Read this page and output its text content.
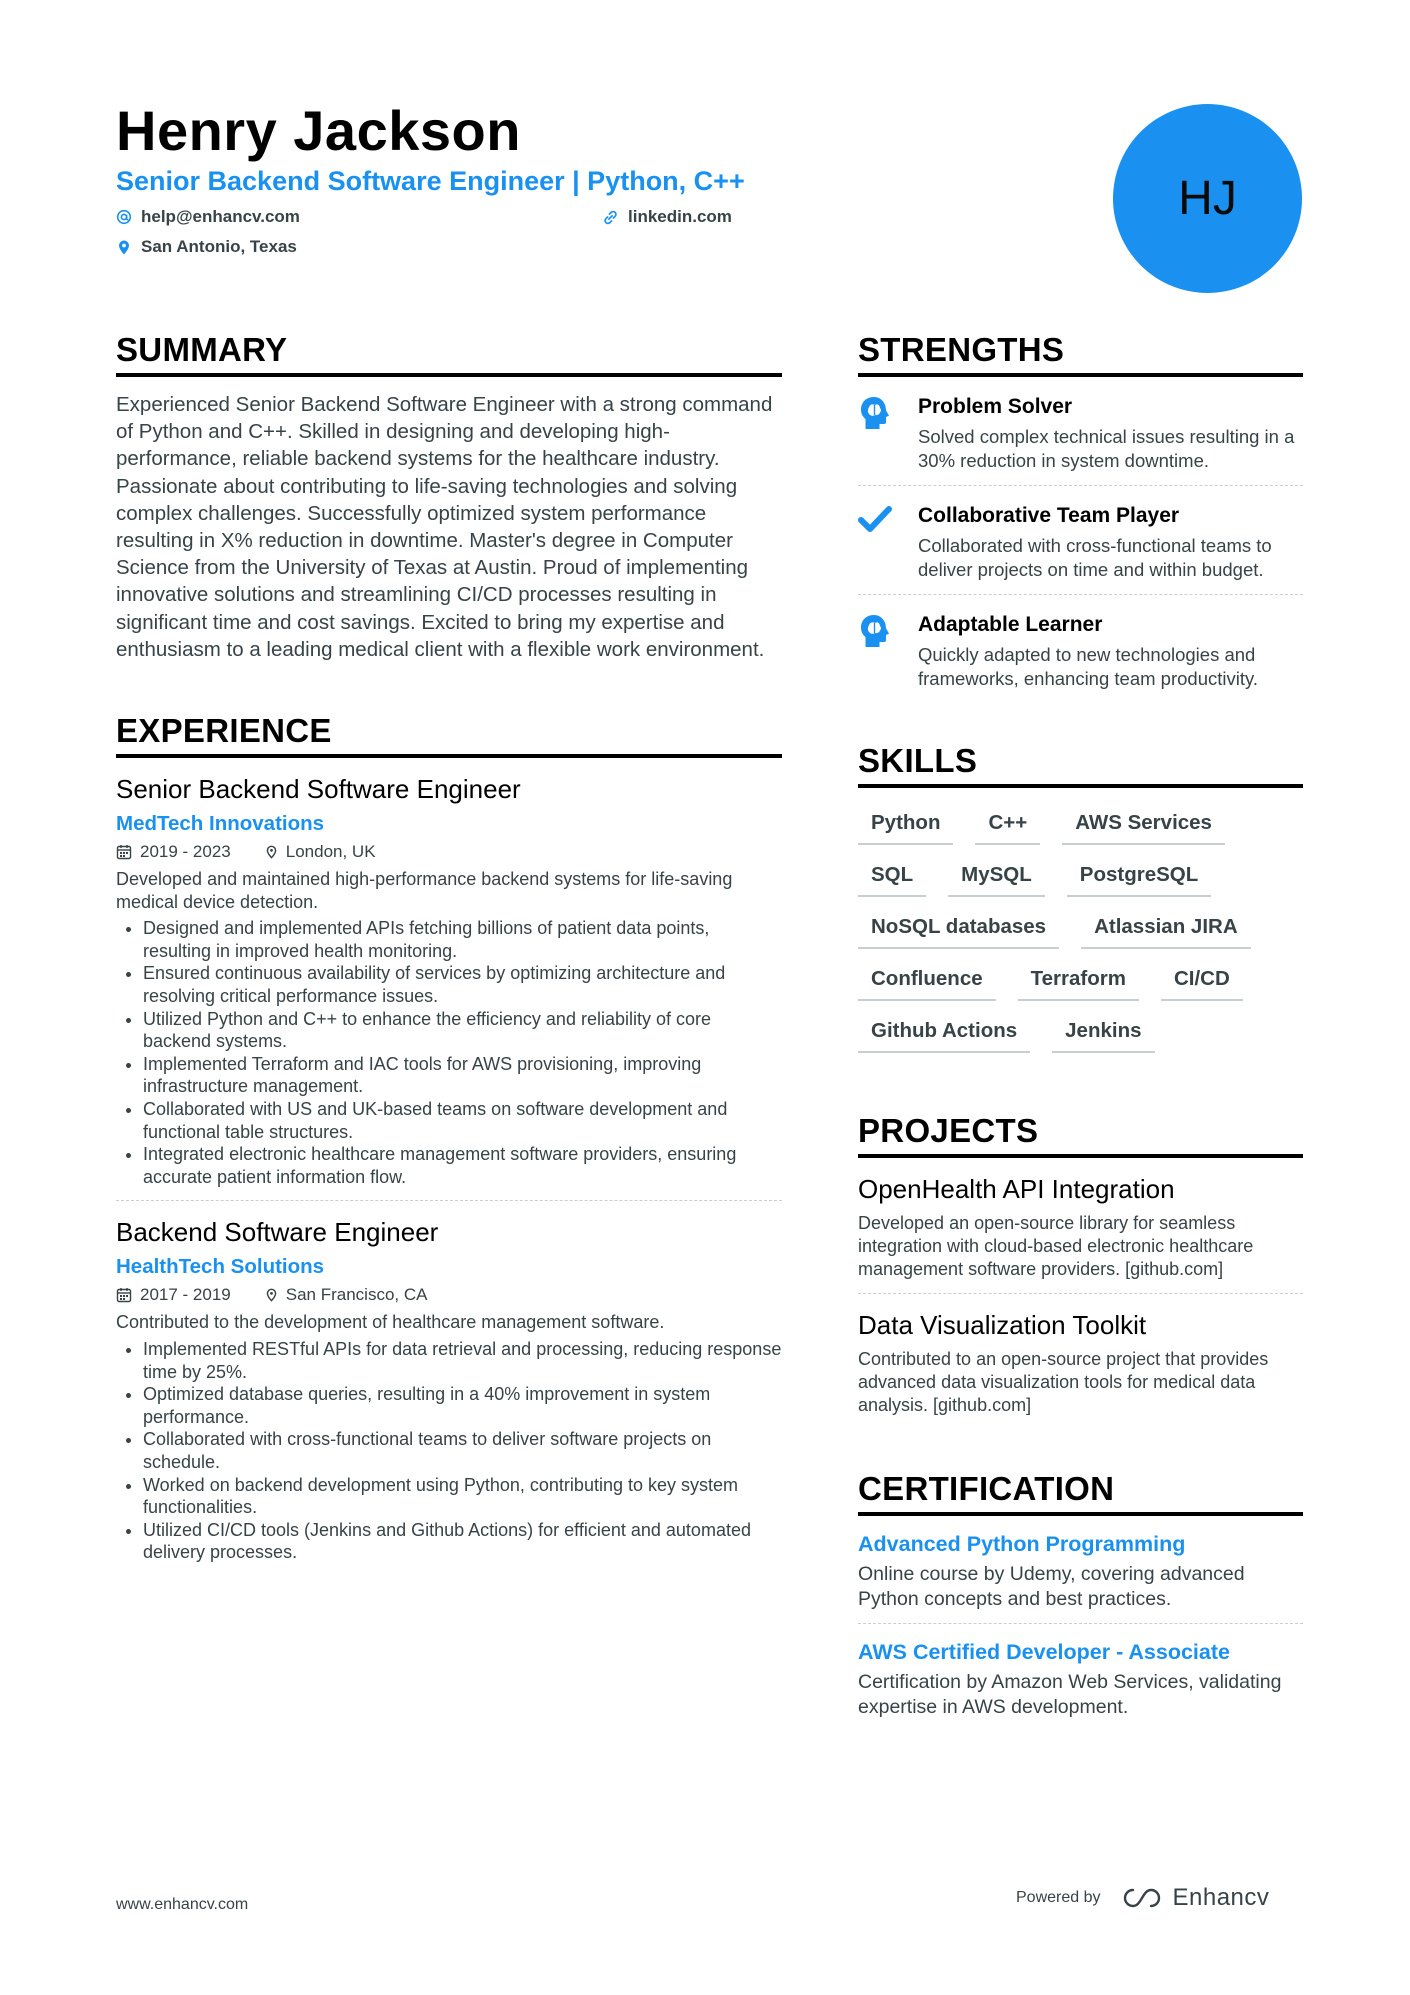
Henry Jackson
Senior Backend Software Engineer | Python, C++
help@enhancv.com	linkedin.com
San Antonio, Texas
HJ
SUMMARY
Experienced Senior Backend Software Engineer with a strong command of Python and C++. Skilled in designing and developing high-performance, reliable backend systems for the healthcare industry. Passionate about contributing to life-saving technologies and solving complex challenges. Successfully optimized system performance resulting in X% reduction in downtime. Master's degree in Computer Science from the University of Texas at Austin. Proud of implementing innovative solutions and streamlining CI/CD processes resulting in significant time and cost savings. Excited to bring my expertise and enthusiasm to a leading medical client with a flexible work environment.
EXPERIENCE
Senior Backend Software Engineer
MedTech Innovations
2019 - 2023	London, UK
Developed and maintained high-performance backend systems for life-saving medical device detection.
• Designed and implemented APIs fetching billions of patient data points, resulting in improved health monitoring.
• Ensured continuous availability of services by optimizing architecture and resolving critical performance issues.
• Utilized Python and C++ to enhance the efficiency and reliability of core backend systems.
• Implemented Terraform and IAC tools for AWS provisioning, improving infrastructure management.
• Collaborated with US and UK-based teams on software development and functional table structures.
• Integrated electronic healthcare management software providers, ensuring accurate patient information flow.
Backend Software Engineer
HealthTech Solutions
2017 - 2019	San Francisco, CA
Contributed to the development of healthcare management software.
• Implemented RESTful APIs for data retrieval and processing, reducing response time by 25%.
• Optimized database queries, resulting in a 40% improvement in system performance.
• Collaborated with cross-functional teams to deliver software projects on schedule.
• Worked on backend development using Python, contributing to key system functionalities.
• Utilized CI/CD tools (Jenkins and Github Actions) for efficient and automated delivery processes.
STRENGTHS
Problem Solver
Solved complex technical issues resulting in a 30% reduction in system downtime.
Collaborative Team Player
Collaborated with cross-functional teams to deliver projects on time and within budget.
Adaptable Learner
Quickly adapted to new technologies and frameworks, enhancing team productivity.
SKILLS
Python	C++	AWS Services
SQL	MySQL	PostgreSQL
NoSQL databases	Atlassian JIRA
Confluence	Terraform	CI/CD
Github Actions	Jenkins
PROJECTS
OpenHealth API Integration
Developed an open-source library for seamless integration with cloud-based electronic healthcare management software providers. [github.com]
Data Visualization Toolkit
Contributed to an open-source project that provides advanced data visualization tools for medical data analysis. [github.com]
CERTIFICATION
Advanced Python Programming
Online course by Udemy, covering advanced Python concepts and best practices.
AWS Certified Developer - Associate
Certification by Amazon Web Services, validating expertise in AWS development.
www.enhancv.com	Powered by	Enhancv
